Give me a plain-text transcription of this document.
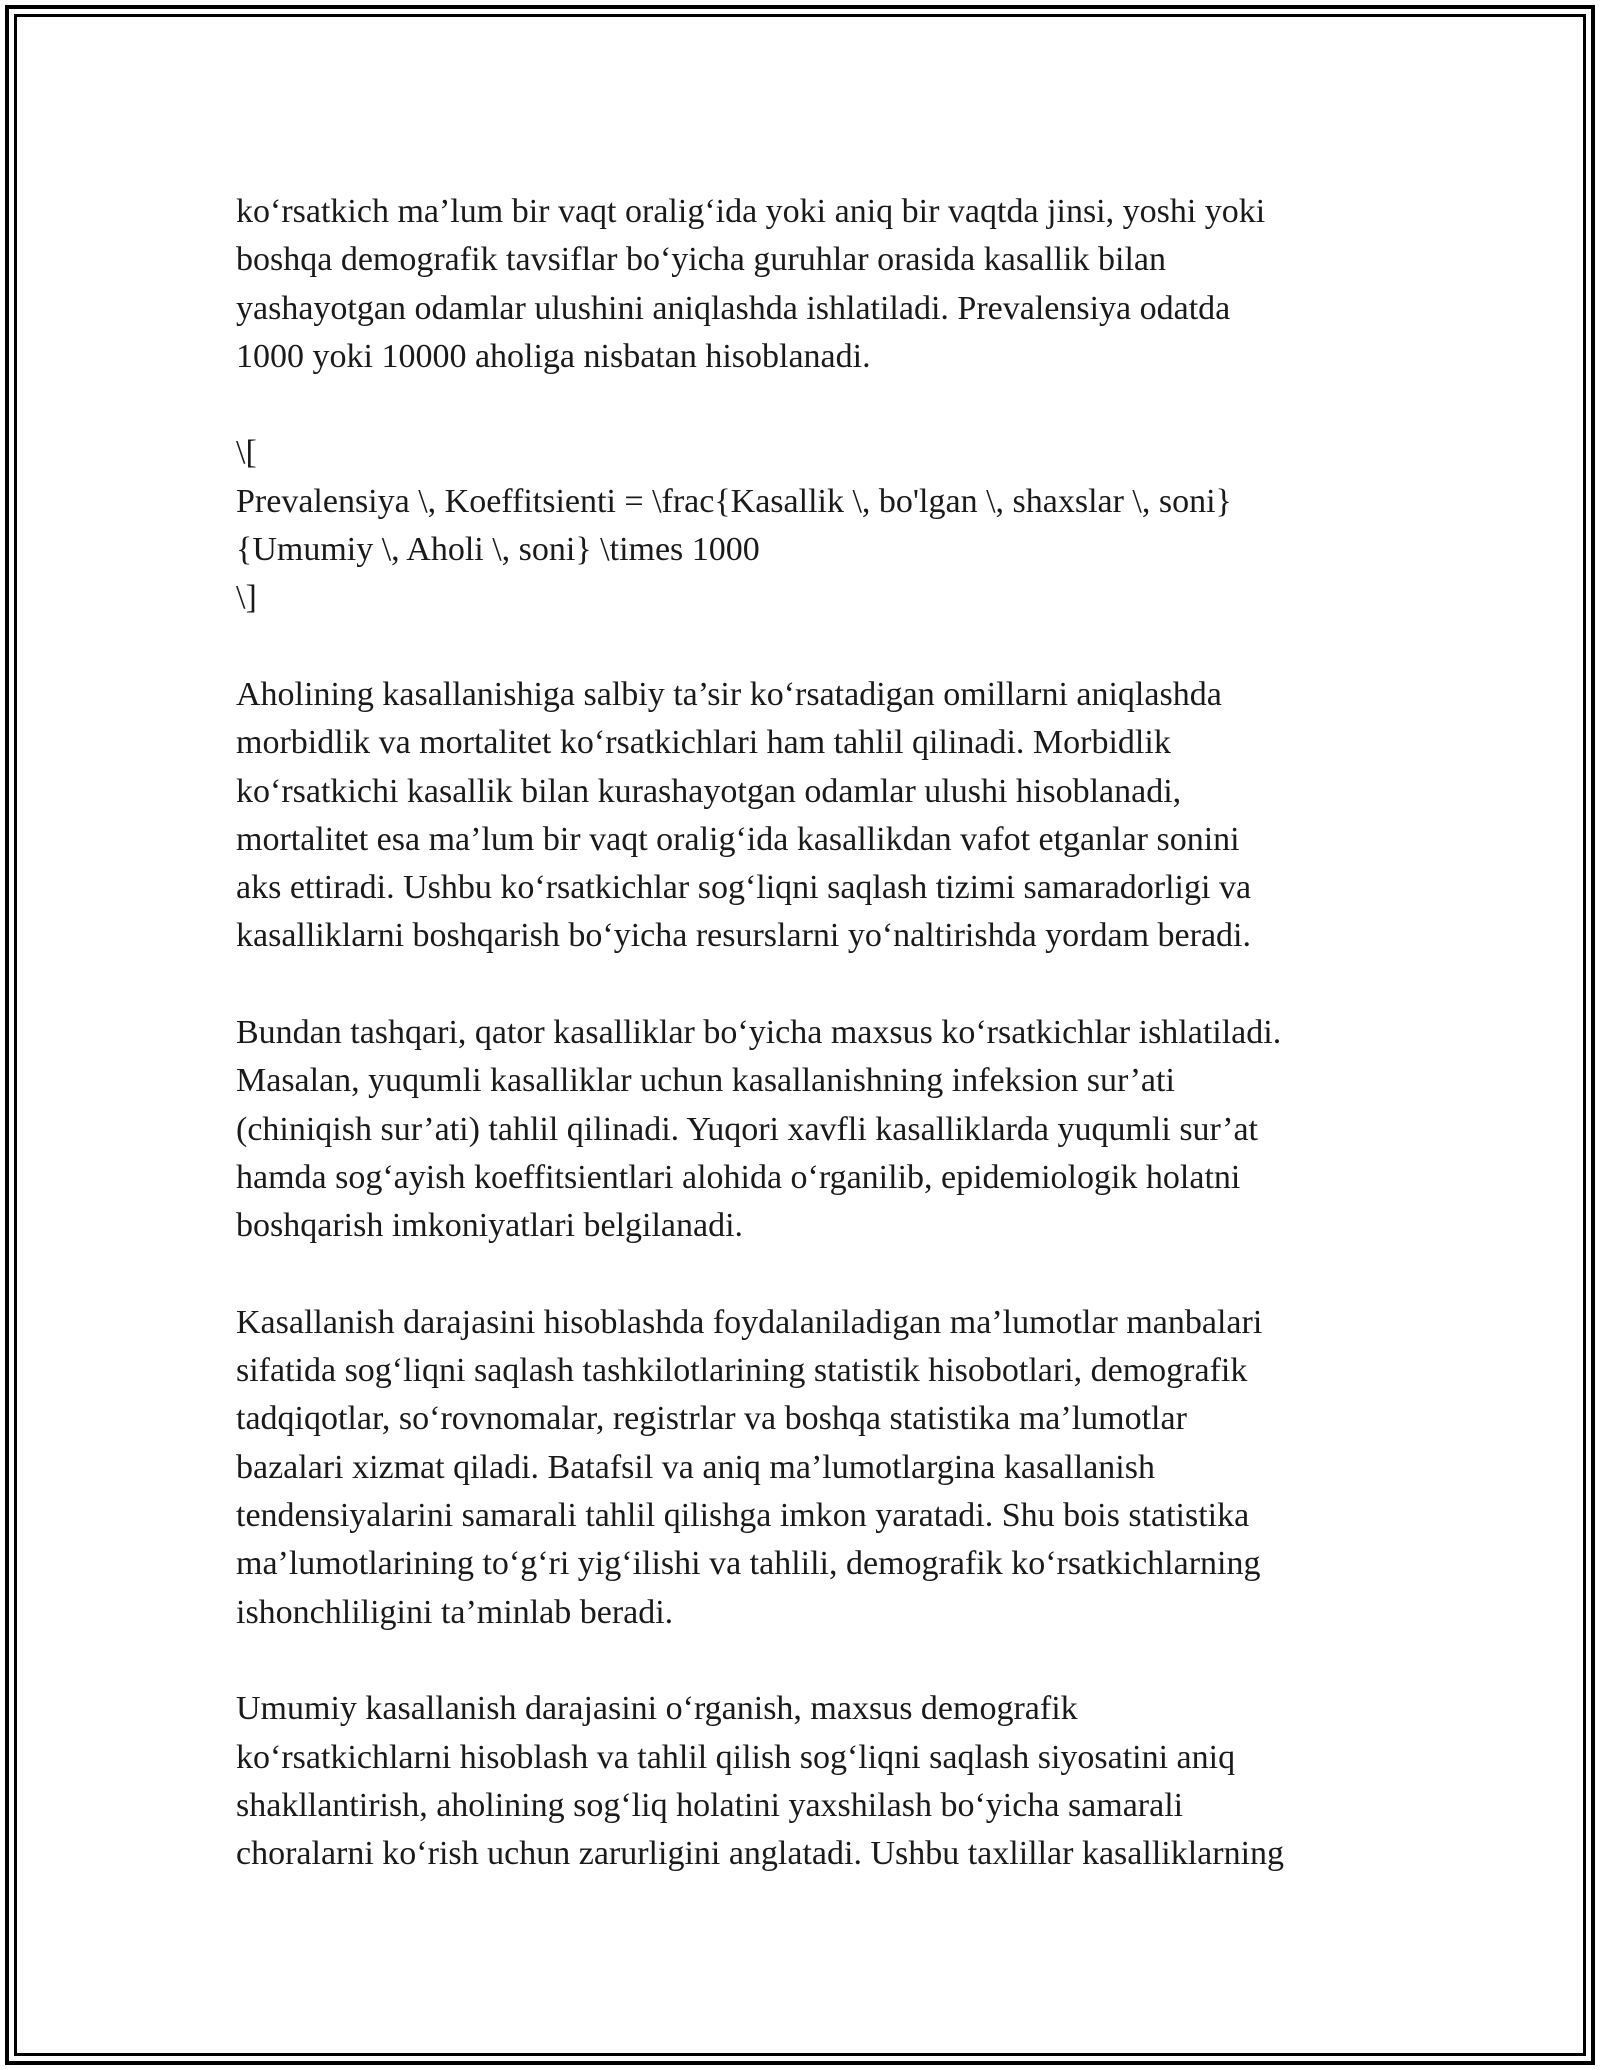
ko‘rsatkich ma’lum bir vaqt oralig‘ida yoki aniq bir vaqtda jinsi, yoshi yoki
boshqa demografik tavsiflar bo‘yicha guruhlar orasida kasallik bilan
yashayotgan odamlar ulushini aniqlashda ishlatiladi. Prevalensiya odatda
1000 yoki 10000 aholiga nisbatan hisoblanadi.
\[
Prevalensiya \, Koeffitsienti = \frac{Kasallik \, bo'lgan \, shaxslar \, soni}
{Umumiy \, Aholi \, soni} \times 1000
\]
Aholining kasallanishiga salbiy ta’sir ko‘rsatadigan omillarni aniqlashda
morbidlik va mortalitet ko‘rsatkichlari ham tahlil qilinadi. Morbidlik
ko‘rsatkichi kasallik bilan kurashayotgan odamlar ulushi hisoblanadi,
mortalitet esa ma’lum bir vaqt oralig‘ida kasallikdan vafot etganlar sonini
aks ettiradi. Ushbu ko‘rsatkichlar sog‘liqni saqlash tizimi samaradorligi va
kasalliklarni boshqarish bo‘yicha resurslarni yo‘naltirishda yordam beradi.
Bundan tashqari, qator kasalliklar bo‘yicha maxsus ko‘rsatkichlar ishlatiladi.
Masalan, yuqumli kasalliklar uchun kasallanishning infeksion sur’ati
(chiniqish sur’ati) tahlil qilinadi. Yuqori xavfli kasalliklarda yuqumli sur’at
hamda sog‘ayish koeffitsientlari alohida o‘rganilib, epidemiologik holatni
boshqarish imkoniyatlari belgilanadi.
Kasallanish darajasini hisoblashda foydalaniladigan ma’lumotlar manbalari
sifatida sog‘liqni saqlash tashkilotlarining statistik hisobotlari, demografik
tadqiqotlar, so‘rovnomalar, registrlar va boshqa statistika ma’lumotlar
bazalari xizmat qiladi. Batafsil va aniq ma’lumotlargina kasallanish
tendensiyalarini samarali tahlil qilishga imkon yaratadi. Shu bois statistika
ma’lumotlarining to‘g‘ri yig‘ilishi va tahlili, demografik ko‘rsatkichlarning
ishonchliligini ta’minlab beradi.
Umumiy kasallanish darajasini o‘rganish, maxsus demografik
ko‘rsatkichlarni hisoblash va tahlil qilish sog‘liqni saqlash siyosatini aniq
shakllantirish, aholining sog‘liq holatini yaxshilash bo‘yicha samarali
choralarni ko‘rish uchun zarurligini anglatadi. Ushbu taxlillar kasalliklarning
